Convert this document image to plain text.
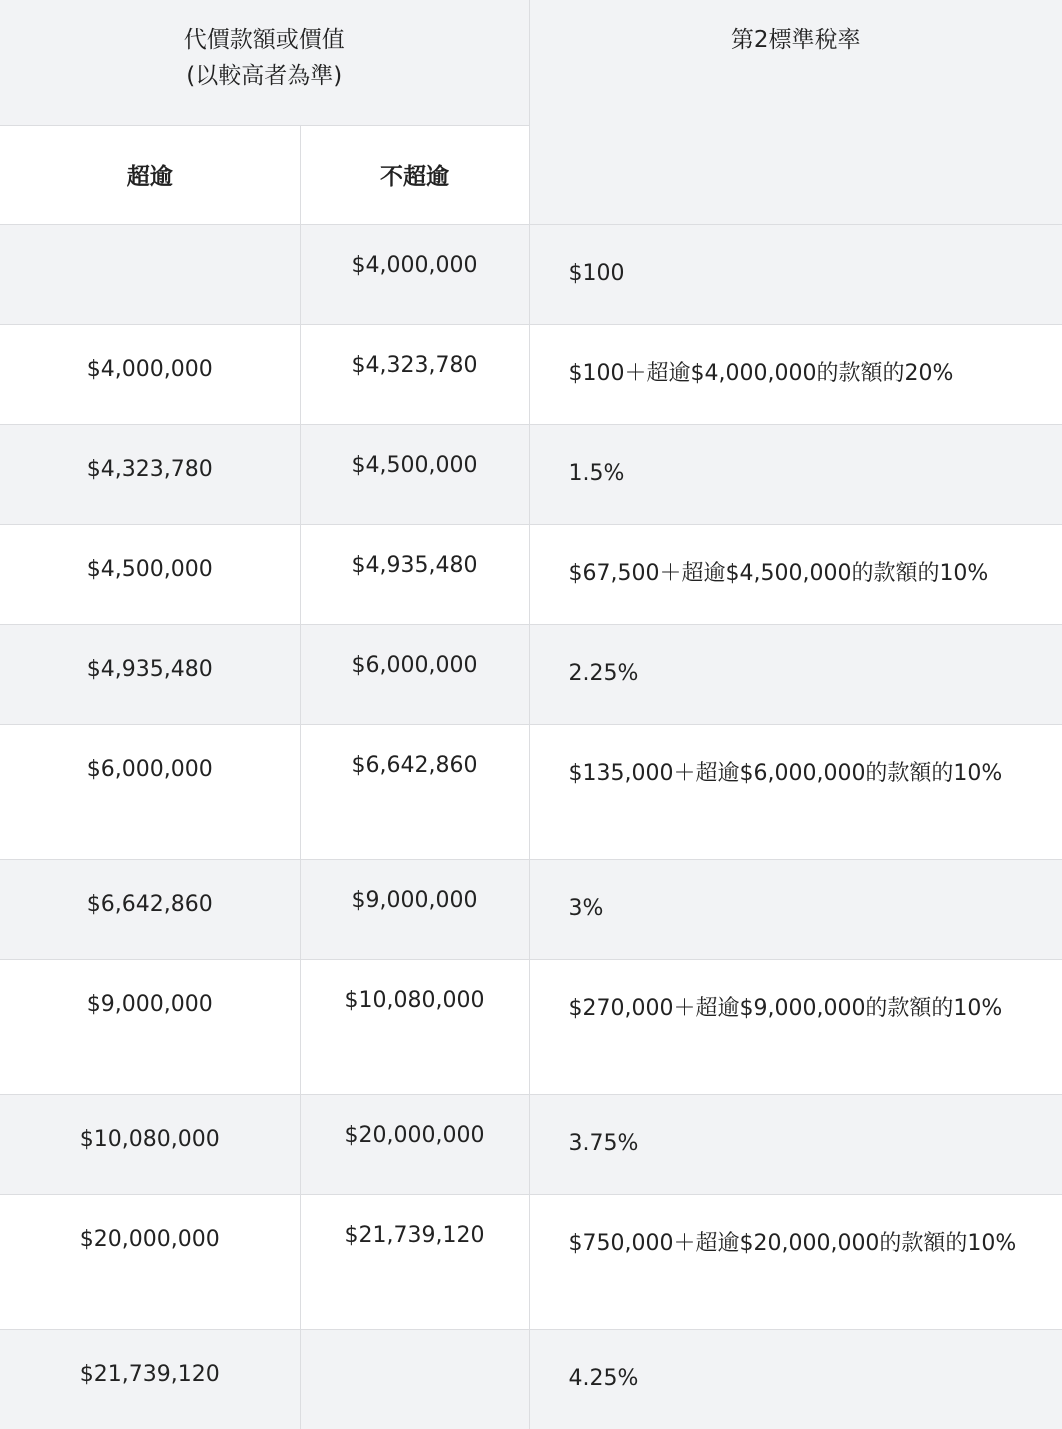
代價款額或價值
(以較高者為準)		第2標準稅率
超逾	不超逾	
	$4,000,000	$100

$4,000,000	$4,323,780	$100＋超逾$4,000,000的款額的20%

$4,323,780	$4,500,000	1.5%

$4,500,000	$4,935,480	$67,500＋超逾$4,500,000的款額的10%

$4,935,480	$6,000,000	2.25%

$6,000,000	$6,642,860	$135,000＋超逾$6,000,000的款額的10%

$6,642,860	$9,000,000	3%

$9,000,000	$10,080,000	$270,000＋超逾$9,000,000的款額的10%

$10,080,000	$20,000,000	3.75%

$20,000,000	$21,739,120	$750,000＋超逾$20,000,000的款額的10%

$21,739,120		4.25%
